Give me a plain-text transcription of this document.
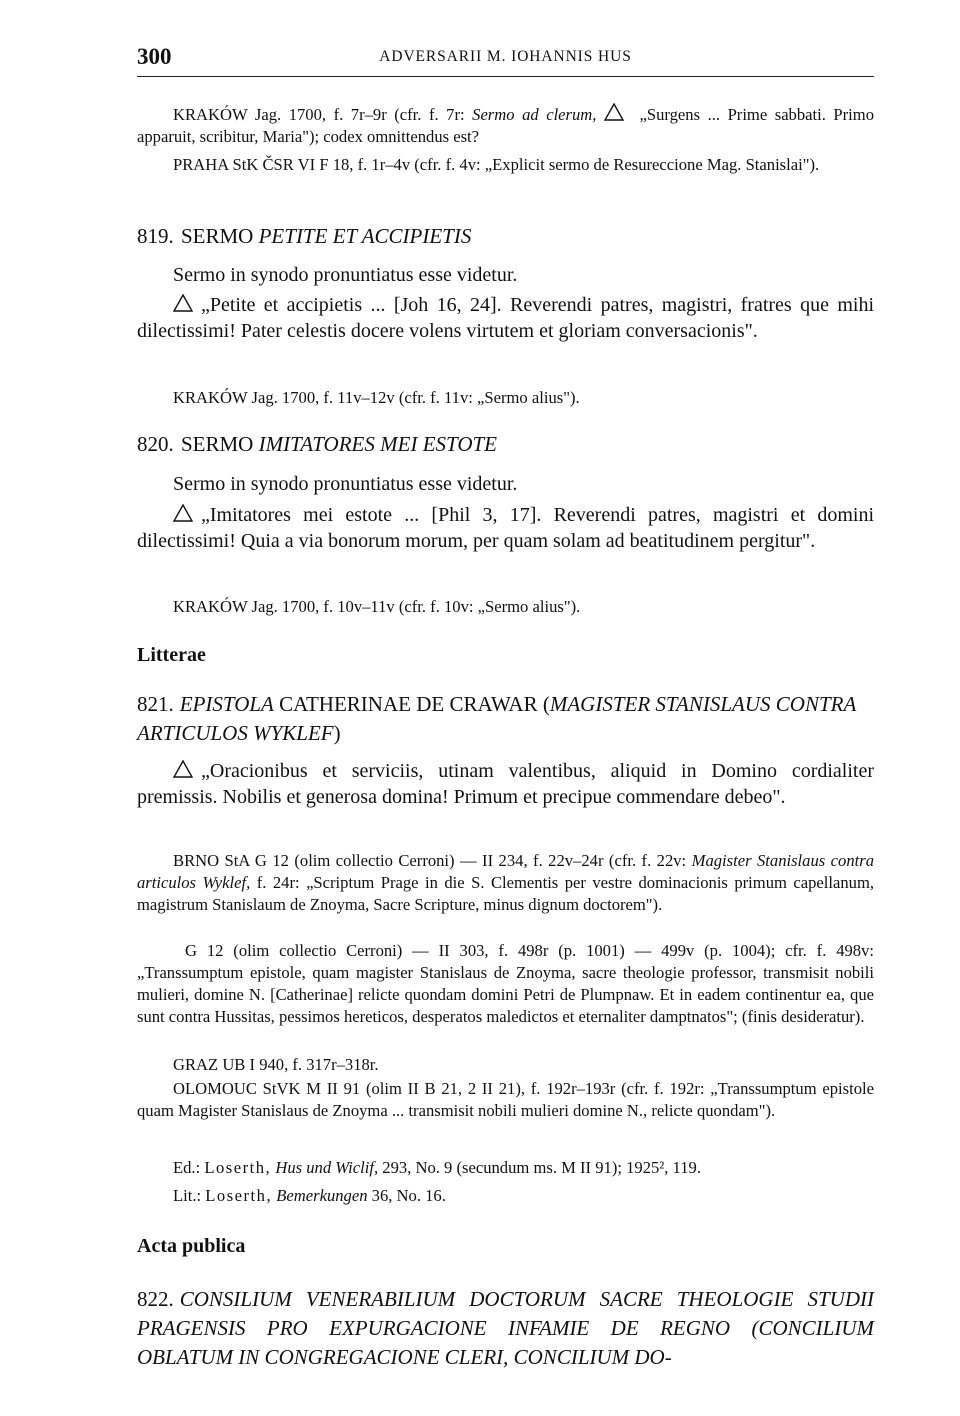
300	ADVERSARII M. IOHANNIS HUS

KRAKÓW Jag. 1700, f. 7r–9r (cfr. f. 7r: Sermo ad clerum,
„Surgens ... Prime sabbati. Primo apparuit, scribitur, Maria"); codex omnittendus est?

PRAHA StK ČSR VI F 18, f. 1r–4v (cfr. f. 4v: „Explicit sermo de Resureccione Mag. Stanislai").

819. SERMO PETITE ET ACCIPIETIS

Sermo in synodo pronuntiatus esse videtur.

„Petite et accipietis ... [Joh 16, 24]. Reverendi patres, magistri, fratres que mihi dilectissimi! Pater celestis docere volens virtutem et gloriam conversacionis".

KRAKÓW Jag. 1700, f. 11v–12v (cfr. f. 11v: „Sermo alius").

820. SERMO IMITATORES MEI ESTOTE

Sermo in synodo pronuntiatus esse videtur.

„Imitatores mei estote ... [Phil 3, 17]. Reverendi patres, magistri et domini dilectissimi! Quia a via bonorum morum, per quam solam ad beatitudinem pergitur".

KRAKÓW Jag. 1700, f. 10v–11v (cfr. f. 10v: „Sermo alius").

Litterae
821. EPISTOLA CATHERINAE DE CRAWAR (MAGISTER STANISLAUS CONTRA ARTICULOS WYKLEF)

„Oracionibus et serviciis, utinam valentibus, aliquid in Domino cordialiter premissis. Nobilis et generosa domina! Primum et precipue commendare debeo".

BRNO StA G 12 (olim collectio Cerroni) — II 234, f. 22v–24r (cfr. f. 22v: Magister Stanislaus contra articulos Wyklef, f. 24r: „Scriptum Prage in die S. Clementis per vestre dominacionis primum capellanum, magistrum Stanislaum de Znoyma, Sacre Scripture, minus dignum doctorem").

G 12 (olim collectio Cerroni) — II 303, f. 498r (p. 1001) — 499v (p. 1004); cfr. f. 498v: „Transsumptum epistole, quam magister Stanislaus de Znoyma, sacre theologie professor, transmisit nobili mulieri, domine N. [Catherinae] relicte quondam domini Petri de Plumpnaw. Et in eadem continentur ea, que sunt contra Hussitas, pessimos hereticos, desperatos maledictos et eternaliter damptnatos"; (finis desideratur).

GRAZ UB I 940, f. 317r–318r.

OLOMOUC StVK M II 91 (olim II B 21, 2 II 21), f. 192r–193r (cfr. f. 192r: „Transsumptum epistole quam Magister Stanislaus de Znoyma ... transmisit nobili mulieri domine N., relicte quondam").

Ed.: Loserth, Hus und Wiclif, 293, No. 9 (secundum ms. M II 91); 1925², 119.

Lit.: Loserth, Bemerkungen 36, No. 16.

Acta publica
822. CONSILIUM VENERABILIUM DOCTORUM SACRE THEOLOGIE STUDII PRAGENSIS PRO EXPURGACIONE INFAMIE DE REGNO (CONCILIUM OBLATUM IN CONGREGACIONE CLERI, CONCILIUM DO-
